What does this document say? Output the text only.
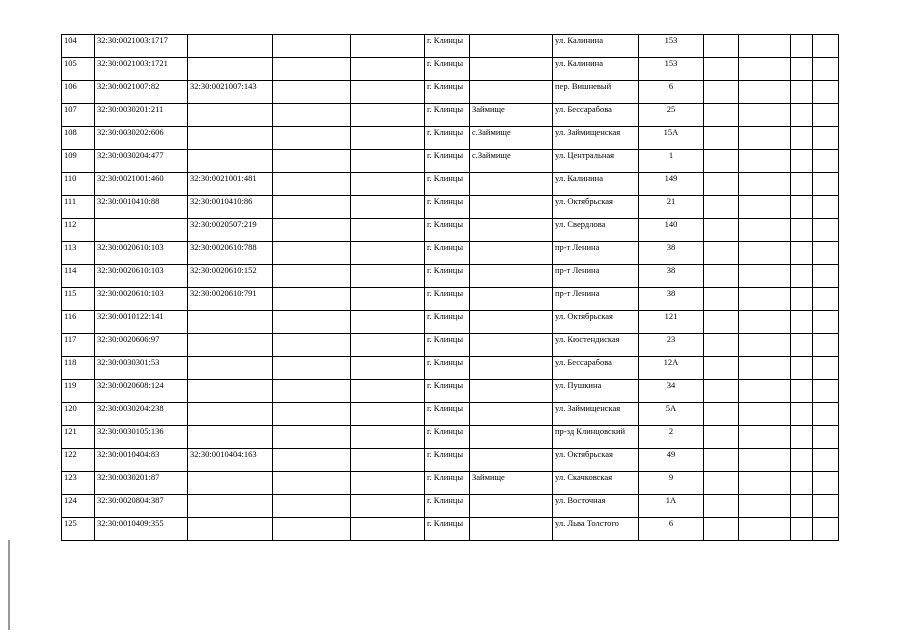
104	32:30:0021003:1717				г. Клинцы		ул. Калинина	153				
105	32:30:0021003:1721				г. Клинцы		ул. Калинина	153				
106	32:30:0021007:82	32:30:0021007:143			г. Клинцы		пер. Вишневый	6				
107	32:30:0030201:211				г. Клинцы	Займище	ул. Бессарабова	25				
108	32:30:0030202:606				г. Клинцы	с.Займище	ул. Займищенская	15А				
109	32:30:0030204:477				г. Клинцы	с.Займище	ул. Центральная	1				
110	32:30:0021001:460	32:30:0021001:481			г. Клинцы		ул. Калинина	149				
111	32:30:0010410:88	32:30:0010410:86			г. Клинцы		ул. Октябрьская	21				
112		32:30:0020507:219			г. Клинцы		ул. Свердлова	140				
113	32:30:0020610:103	32:30:0020610:788			г. Клинцы		пр-т Ленина	38				
114	32:30:0020610:103	32:30:0020610:152			г. Клинцы		пр-т Ленина	38				
115	32:30:0020610:103	32:30:0020610:791			г. Клинцы		пр-т Ленина	38				
116	32:30:0010122:141				г. Клинцы		ул. Октябрьская	121				
117	32:30:0020606:97				г. Клинцы		ул. Кюстендиская	23				
118	32:30:0030301:53				г. Клинцы		ул. Бессарабова	12А				
119	32:30:0020608:124				г. Клинцы		ул. Пушкина	34				
120	32:30:0030204:238				г. Клинцы		ул. Займищенская	5А				
121	32:30:0030105:136				г. Клинцы		пр-зд Клинцовский	2				
122	32:30:0010404:83	32:30:0010404:163			г. Клинцы		ул. Октябрьская	49				
123	32:30:0030201:87				г. Клинцы	Займище	ул. Скачковская	9				
124	32:30:0020804:387				г. Клинцы		ул. Восточная	1А				
125	32:30:0010409:355				г. Клинцы		ул. Льва Толстого	6				
